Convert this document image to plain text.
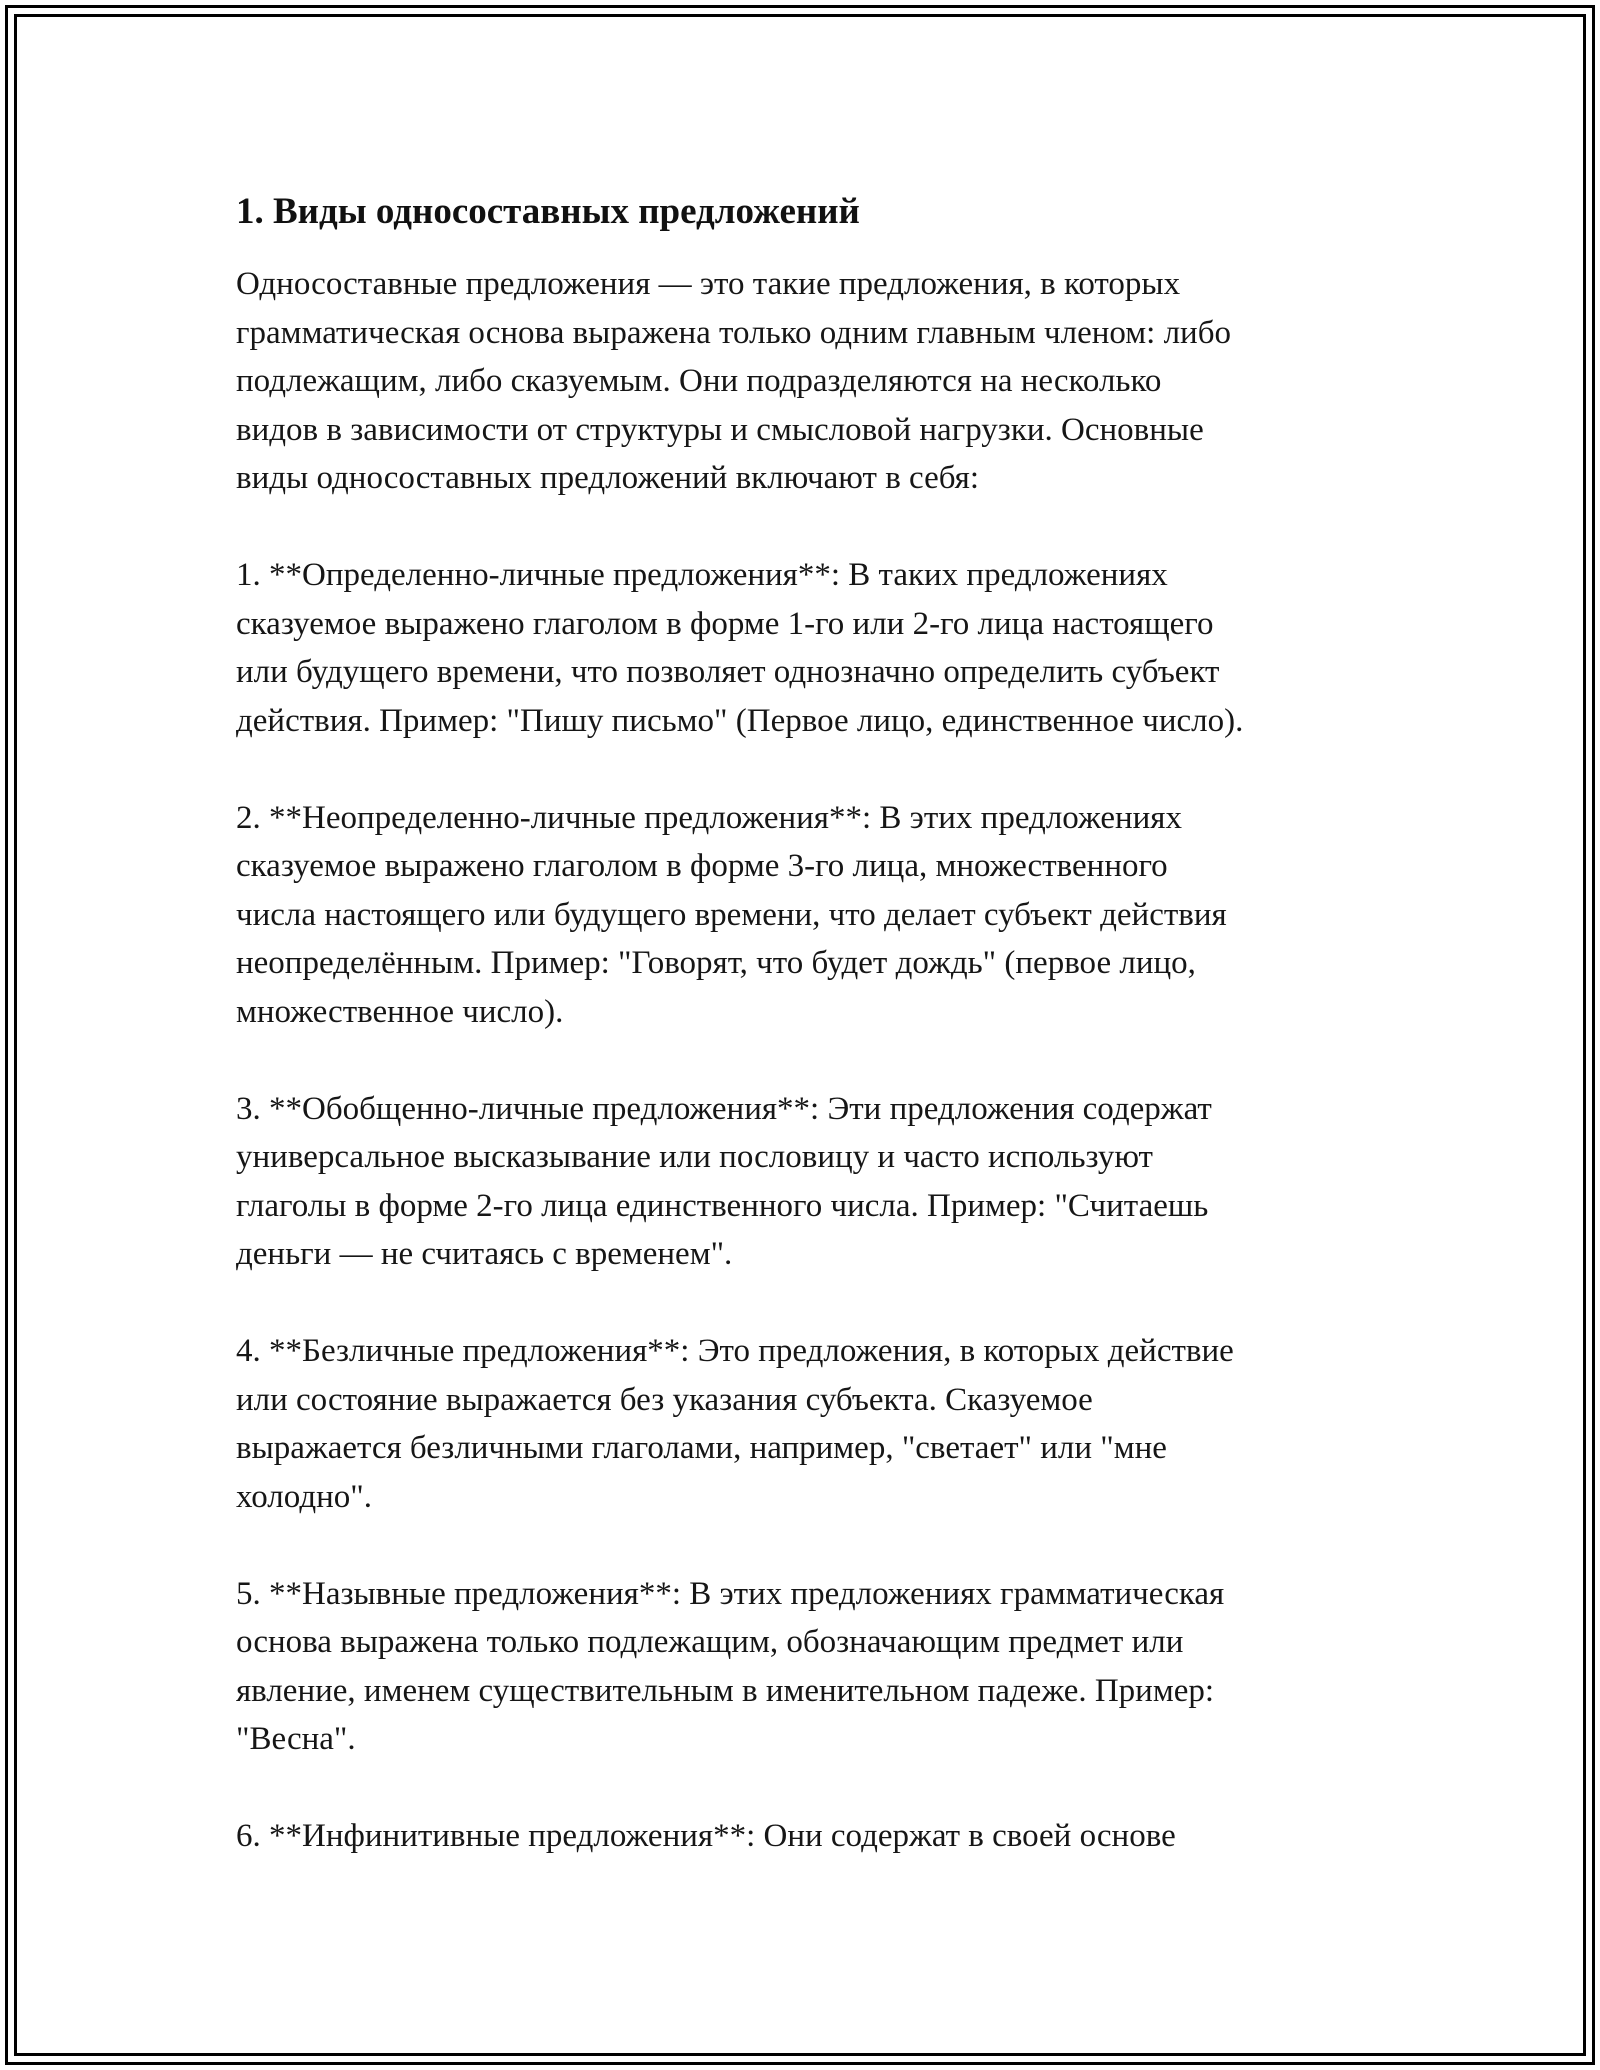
1. Виды односоставных предложений

Односоставные предложения — это такие предложения, в которых
грамматическая основа выражена только одним главным членом: либо
подлежащим, либо сказуемым. Они подразделяются на несколько
видов в зависимости от структуры и смысловой нагрузки. Основные
виды односоставных предложений включают в себя:

1. **Определенно-личные предложения**: В таких предложениях
сказуемое выражено глаголом в форме 1-го или 2-го лица настоящего
или будущего времени, что позволяет однозначно определить субъект
действия. Пример: "Пишу письмо" (Первое лицо, единственное число).

2. **Неопределенно-личные предложения**: В этих предложениях
сказуемое выражено глаголом в форме 3-го лица, множественного
числа настоящего или будущего времени, что делает субъект действия
неопределённым. Пример: "Говорят, что будет дождь" (первое лицо,
множественное число).

3. **Обобщенно-личные предложения**: Эти предложения содержат
универсальное высказывание или пословицу и часто используют
глаголы в форме 2-го лица единственного числа. Пример: "Считаешь
деньги — не считаясь с временем".

4. **Безличные предложения**: Это предложения, в которых действие
или состояние выражается без указания субъекта. Сказуемое
выражается безличными глаголами, например, "светает" или "мне
холодно".

5. **Назывные предложения**: В этих предложениях грамматическая
основа выражена только подлежащим, обозначающим предмет или
явление, именем существительным в именительном падеже. Пример:
"Весна".

6. **Инфинитивные предложения**: Они содержат в своей основе
